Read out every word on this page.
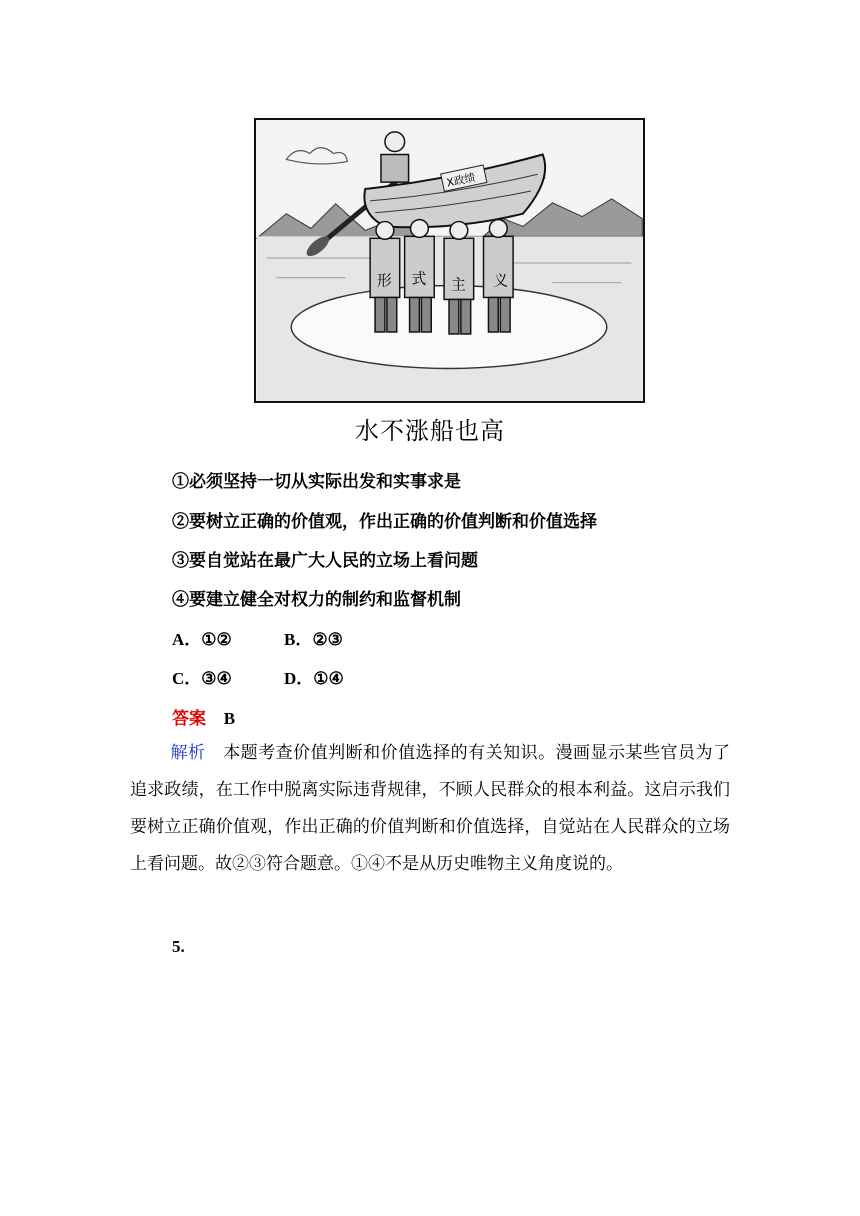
X政绩
形 式 主 义
水不涨船也高
①必须坚持一切从实际出发和实事求是
②要树立正确的价值观，作出正确的价值判断和价值选择
③要自觉站在最广大人民的立场上看问题
④要建立健全对权力的制约和监督机制
A．①②	B．②③
C．③④	D．①④
答案 B
解析 本题考查价值判断和价值选择的有关知识。漫画显示某些官员为了追求政绩，在工作中脱离实际违背规律，不顾人民群众的根本利益。这启示我们要树立正确价值观，作出正确的价值判断和价值选择，自觉站在人民群众的立场上看问题。故②③符合题意。①④不是从历史唯物主义角度说的。
5.
